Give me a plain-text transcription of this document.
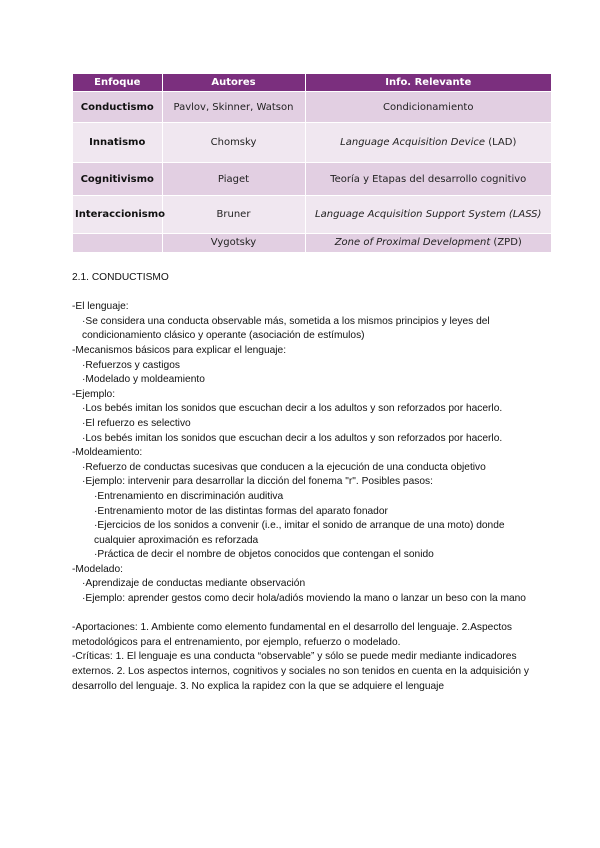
Enfoque	Autores	Info. Relevante
Conductismo	Pavlov, Skinner, Watson	Condicionamiento
Innatismo	Chomsky	Language Acquisition Device (LAD)
Cognitivismo	Piaget	Teoría y Etapas del desarrollo cognitivo
Interaccionismo	Bruner	Language Acquisition Support System (LASS)
	Vygotsky	Zone of Proximal Development (ZPD)

2.1. CONDUCTISMO

-El lenguaje:

·Se considera una conducta observable más, sometida a los mismos principios y leyes del condicionamiento clásico y operante (asociación de estímulos)

-Mecanismos básicos para explicar el lenguaje:

·Refuerzos y castigos

·Modelado y moldeamiento

-Ejemplo:

·Los bebés imitan los sonidos que escuchan decir a los adultos y son reforzados por hacerlo.

·El refuerzo es selectivo

·Los bebés imitan los sonidos que escuchan decir a los adultos y son reforzados por hacerlo.

-Moldeamiento:

·Refuerzo de conductas sucesivas que conducen a la ejecución de una conducta objetivo

·Ejemplo: intervenir para desarrollar la dicción del fonema "r". Posibles pasos:

·Entrenamiento en discriminación auditiva

·Entrenamiento motor de las distintas formas del aparato fonador

·Ejercicios de los sonidos a convenir (i.e., imitar el sonido de arranque de una moto) donde cualquier aproximación es reforzada

·Práctica de decir el nombre de objetos conocidos que contengan el sonido

-Modelado:

·Aprendizaje de conductas mediante observación

·Ejemplo: aprender gestos como decir hola/adiós moviendo la mano o lanzar un beso con la mano

-Aportaciones: 1. Ambiente como elemento fundamental en el desarrollo del lenguaje. 2.Aspectos metodológicos para el entrenamiento, por ejemplo, refuerzo o modelado.

-Críticas: 1. El lenguaje es una conducta “observable” y sólo se puede medir mediante indicadores externos. 2. Los aspectos internos, cognitivos y sociales no son tenidos en cuenta en la adquisición y desarrollo del lenguaje. 3. No explica la rapidez con la que se adquiere el lenguaje
